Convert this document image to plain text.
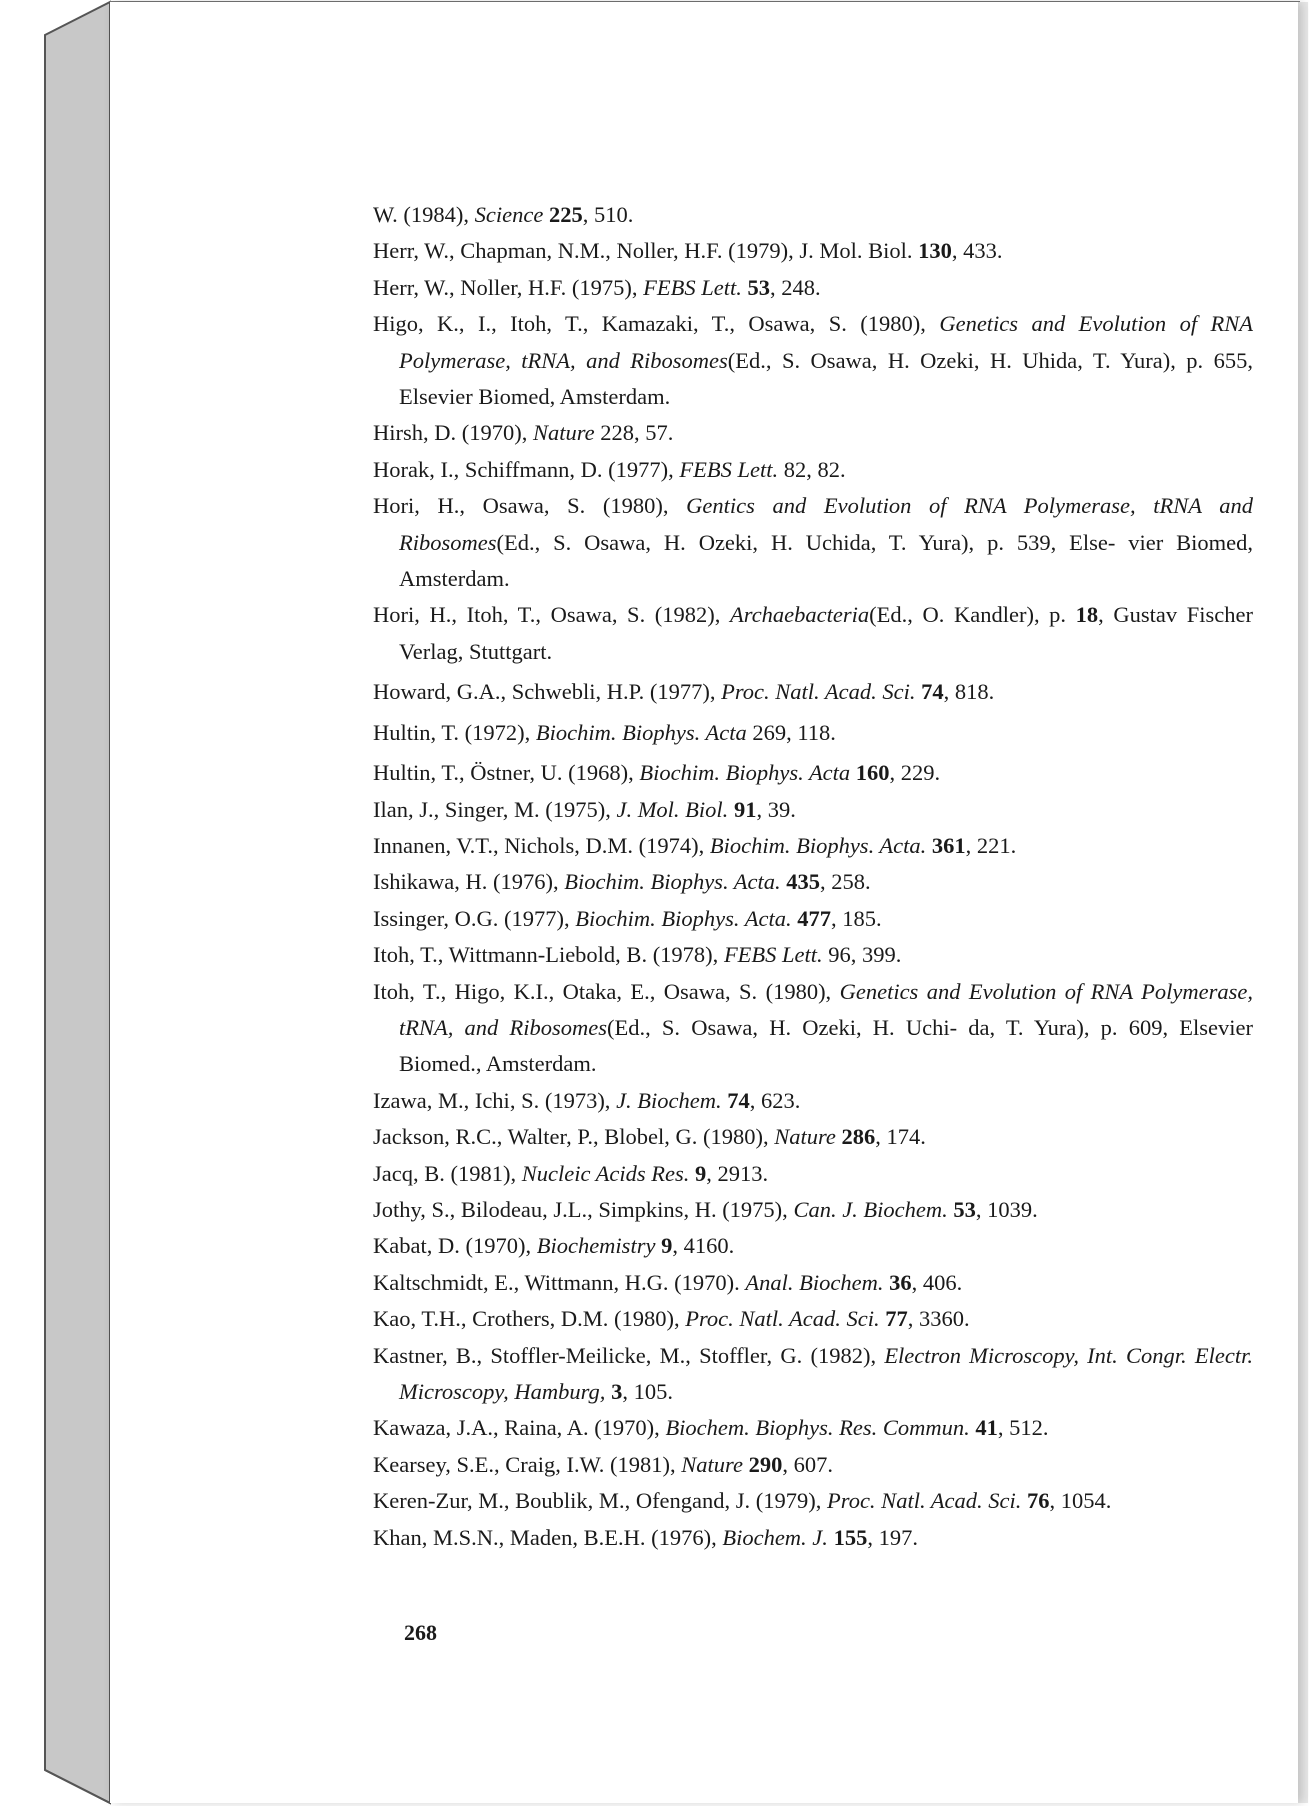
W. (1984), Science 225, 510.

Herr, W., Chapman, N.M., Noller, H.F. (1979), J. Mol. Biol. 130, 433.

Herr, W., Noller, H.F. (1975), FEBS Lett. 53, 248.

Higo, K., I., Itoh, T., Kamazaki, T., Osawa, S. (1980), Genetics and Evolution of RNA Polymerase, tRNA, and Ribosomes(Ed., S. Osawa, H. Ozeki, H. Uhida, T. Yura), p. 655, Elsevier Biomed, Amsterdam.

Hirsh, D. (1970), Nature 228, 57.

Horak, I., Schiffmann, D. (1977), FEBS Lett. 82, 82.

Hori, H., Osawa, S. (1980), Gentics and Evolution of RNA Polymerase, tRNA and Ribosomes(Ed., S. Osawa, H. Ozeki, H. Uchida, T. Yura), p. 539, Else- vier Biomed, Amsterdam.

Hori, H., Itoh, T., Osawa, S. (1982), Archaebacteria(Ed., O. Kandler), p. 18, Gustav Fischer Verlag, Stuttgart.

Howard, G.A., Schwebli, H.P. (1977), Proc. Natl. Acad. Sci. 74, 818.

Hultin, T. (1972), Biochim. Biophys. Acta 269, 118.

Hultin, T., Östner, U. (1968), Biochim. Biophys. Acta 160, 229.

Ilan, J., Singer, M. (1975), J. Mol. Biol. 91, 39.

Innanen, V.T., Nichols, D.M. (1974), Biochim. Biophys. Acta. 361, 221.

Ishikawa, H. (1976), Biochim. Biophys. Acta. 435, 258.

Issinger, O.G. (1977), Biochim. Biophys. Acta. 477, 185.

Itoh, T., Wittmann-Liebold, B. (1978), FEBS Lett. 96, 399.

Itoh, T., Higo, K.I., Otaka, E., Osawa, S. (1980), Genetics and Evolution of RNA Polymerase, tRNA, and Ribosomes(Ed., S. Osawa, H. Ozeki, H. Uchi- da, T. Yura), p. 609, Elsevier Biomed., Amsterdam.

Izawa, M., Ichi, S. (1973), J. Biochem. 74, 623.

Jackson, R.C., Walter, P., Blobel, G. (1980), Nature 286, 174.

Jacq, B. (1981), Nucleic Acids Res. 9, 2913.

Jothy, S., Bilodeau, J.L., Simpkins, H. (1975), Can. J. Biochem. 53, 1039.

Kabat, D. (1970), Biochemistry 9, 4160.

Kaltschmidt, E., Wittmann, H.G. (1970). Anal. Biochem. 36, 406.

Kao, T.H., Crothers, D.M. (1980), Proc. Natl. Acad. Sci. 77, 3360.

Kastner, B., Stoffler-Meilicke, M., Stoffler, G. (1982), Electron Microscopy, Int. Congr. Electr. Microscopy, Hamburg, 3, 105.

Kawaza, J.A., Raina, A. (1970), Biochem. Biophys. Res. Commun. 41, 512.

Kearsey, S.E., Craig, I.W. (1981), Nature 290, 607.

Keren-Zur, M., Boublik, M., Ofengand, J. (1979), Proc. Natl. Acad. Sci. 76, 1054.

Khan, M.S.N., Maden, B.E.H. (1976), Biochem. J. 155, 197.

268
